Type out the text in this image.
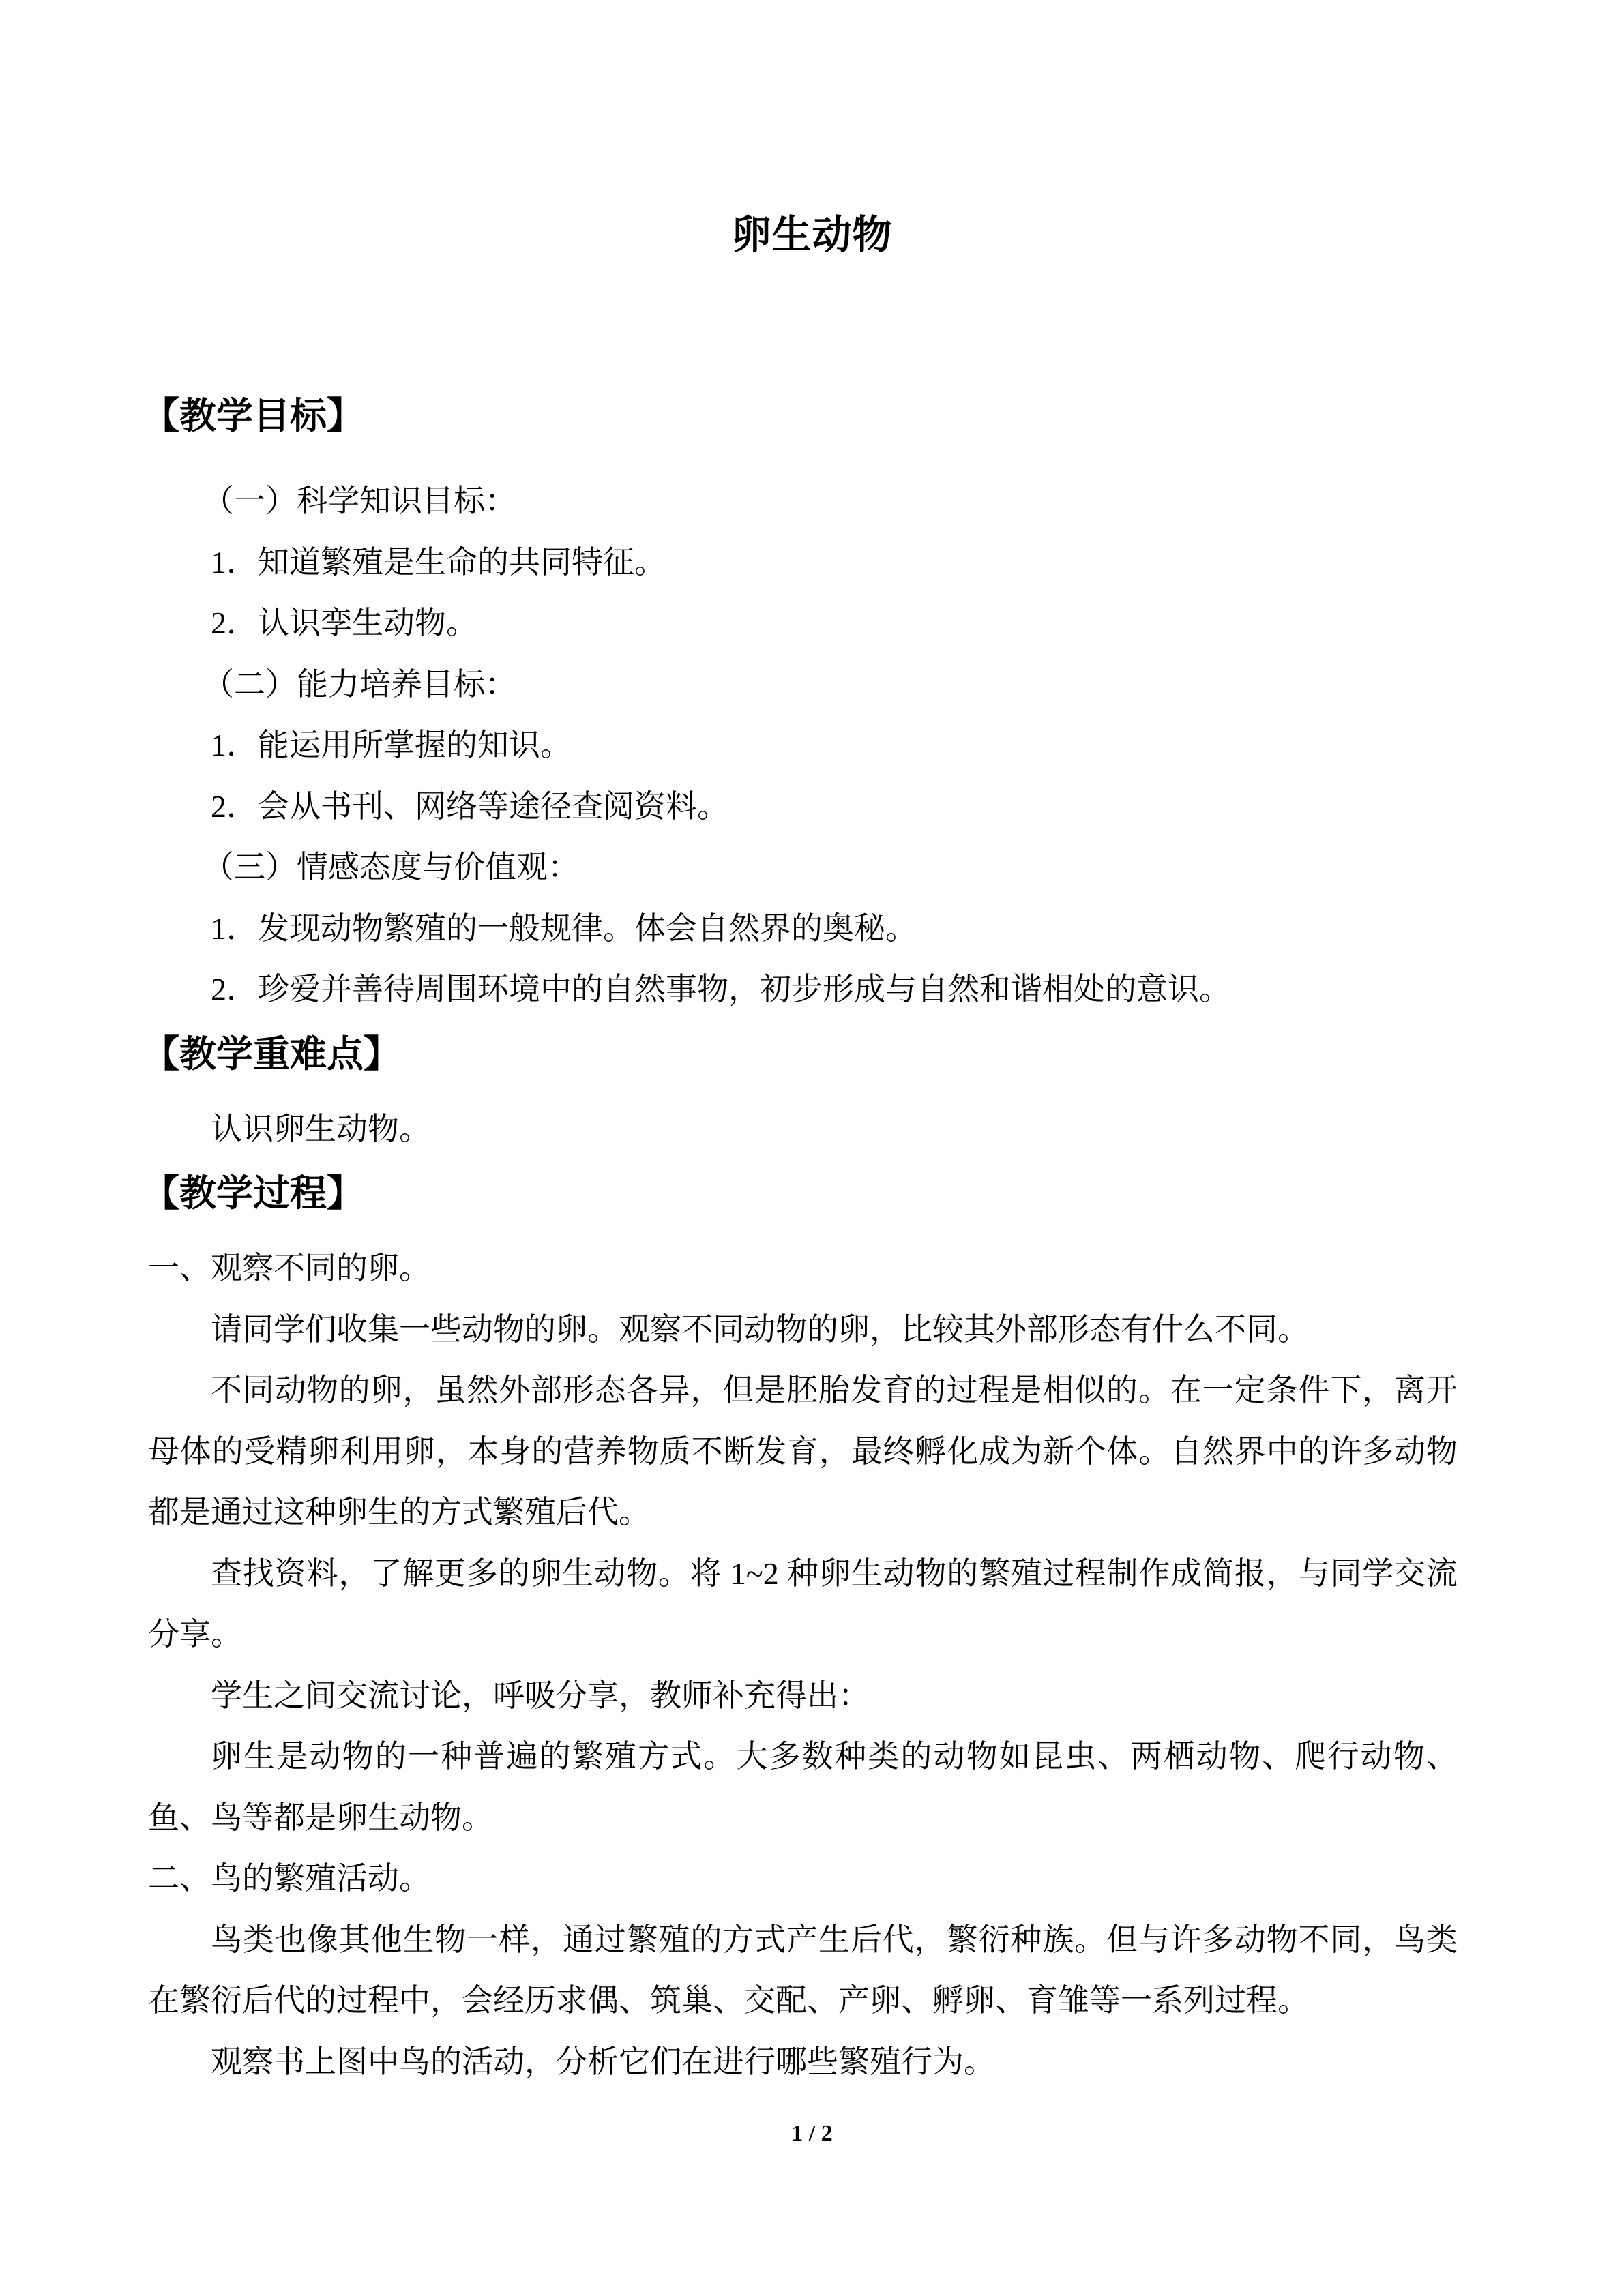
卵生动物
【教学目标】
（一）科学知识目标：
1．知道繁殖是生命的共同特征。
2．认识孪生动物。
（二）能力培养目标：
1．能运用所掌握的知识。
2．会从书刊、网络等途径查阅资料。
（三）情感态度与价值观：
1．发现动物繁殖的一般规律。体会自然界的奥秘。
2．珍爱并善待周围环境中的自然事物，初步形成与自然和谐相处的意识。
【教学重难点】
认识卵生动物。
【教学过程】
一、观察不同的卵。
请同学们收集一些动物的卵。观察不同动物的卵，比较其外部形态有什么不同。
不同动物的卵，虽然外部形态各异，但是胚胎发育的过程是相似的。在一定条件下，离开母体的受精卵利用卵，本身的营养物质不断发育，最终孵化成为新个体。自然界中的许多动物都是通过这种卵生的方式繁殖后代。
查找资料，了解更多的卵生动物。将 1~2 种卵生动物的繁殖过程制作成简报，与同学交流分享。
学生之间交流讨论，呼吸分享，教师补充得出：
卵生是动物的一种普遍的繁殖方式。大多数种类的动物如昆虫、两栖动物、爬行动物、鱼、鸟等都是卵生动物。
二、鸟的繁殖活动。
鸟类也像其他生物一样，通过繁殖的方式产生后代，繁衍种族。但与许多动物不同，鸟类在繁衍后代的过程中，会经历求偶、筑巢、交配、产卵、孵卵、育雏等一系列过程。
观察书上图中鸟的活动，分析它们在进行哪些繁殖行为。
1 / 2
